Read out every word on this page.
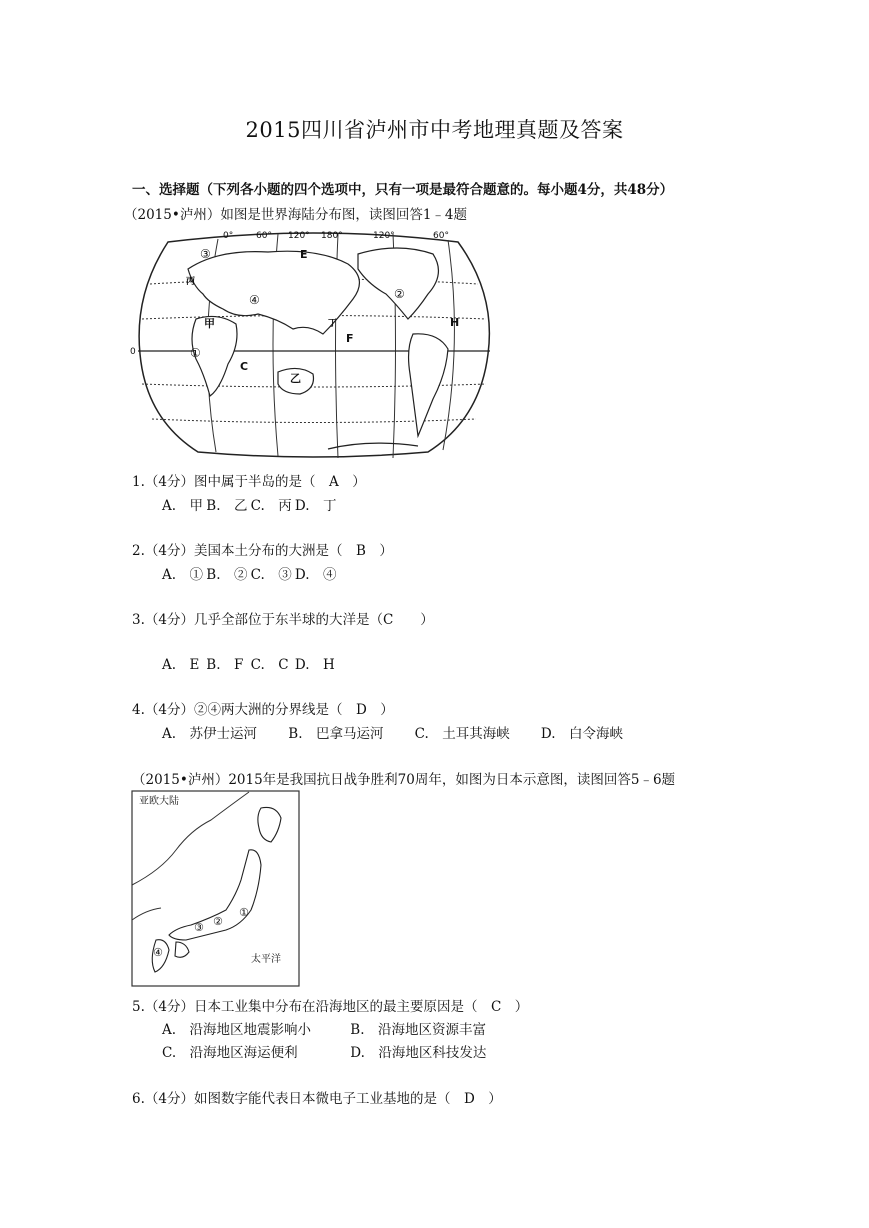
2015四川省泸州市中考地理真题及答案
一、选择题（下列各小题的四个选项中，只有一项是最符合题意的。每小题4分，共48分）
（2015•泸州）如图是世界海陆分布图，读图回答1﹣4题
0°	60° 120° 180°	120°	60°
0
E
F
C
H
甲
乙
丙
丁
①
②
③
④
1.（4分）图中属于半岛的是（　A　）
A.　甲 B.　乙 C.　丙 D.　丁
2.（4分）美国本土分布的大洲是（　B　）
A.　① B.　② C.　③ D.　④
3.（4分）几乎全部位于东半球的大洋是（C　　）
A.　E B.　F C.　C D.　H
4.（4分）②④两大洲的分界线是（　D　）
A.　苏伊士运河 B.　巴拿马运河 C.　土耳其海峡 D.　白令海峡
（2015•泸州）2015年是我国抗日战争胜利70周年，如图为日本示意图，读图回答5﹣6题
亚欧大陆
太平洋
①
②
③
④
5.（4分）日本工业集中分布在沿海地区的最主要原因是（　C　）
A.　沿海地区地震影响小	B.　沿海地区资源丰富
C.　沿海地区海运便利	D.　沿海地区科技发达
6.（4分）如图数字能代表日本微电子工业基地的是（　D　）
